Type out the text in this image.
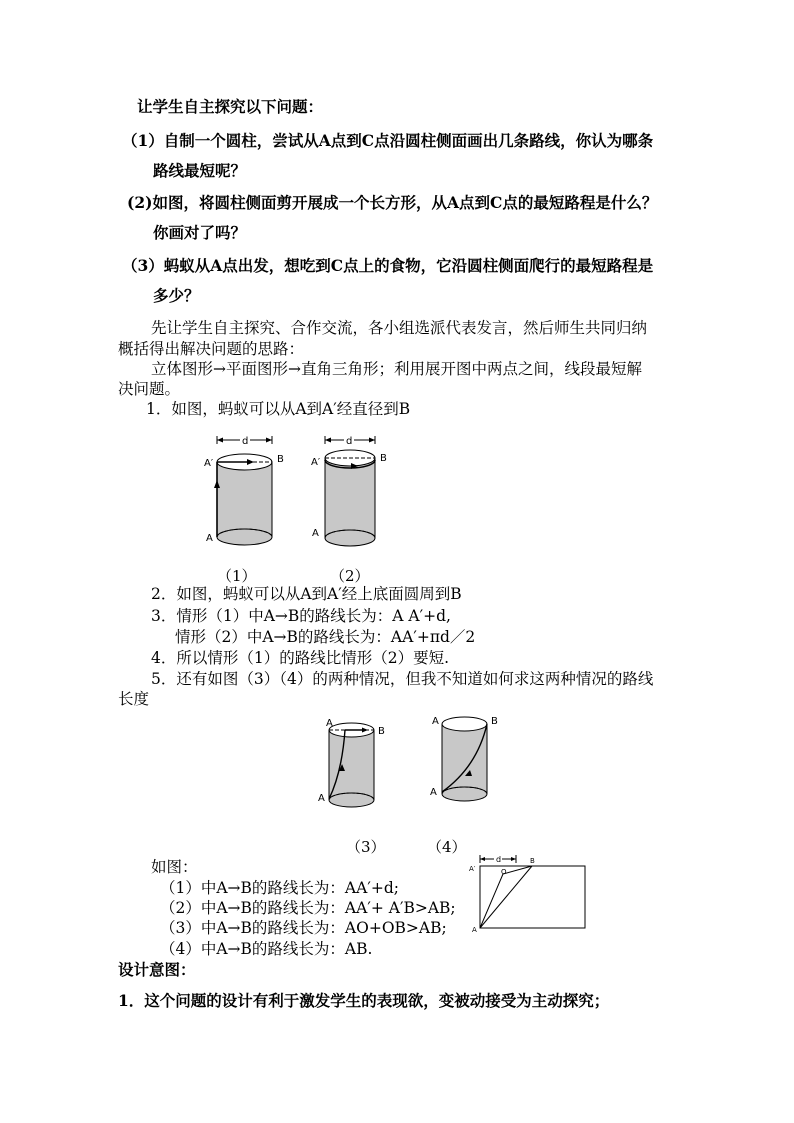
让学生自主探究以下问题：
（1）自制一个圆柱，尝试从A点到C点沿圆柱侧面画出几条路线，你认为哪条
路线最短呢？
(2)如图，将圆柱侧面剪开展成一个长方形，从A点到C点的最短路程是什么？
你画对了吗？
（3）蚂蚁从A点出发，想吃到C点上的食物，它沿圆柱侧面爬行的最短路程是
多少？
先让学生自主探究、合作交流，各小组选派代表发言，然后师生共同归纳
概括得出解决问题的思路：
立体图形→平面图形→直角三角形；利用展开图中两点之间，线段最短解
决问题。
1．如图，蚂蚁可以从A到A′经直径到B
d
A′	B
A
d
A′	B
A
（1）	（2）
2．如图，蚂蚁可以从A到A′经上底面圆周到B
3．情形（1）中A→B的路线长为：A A′+d,
情形（2）中A→B的路线长为：AA′+πd／2
4．所以情形（1）的路线比情形（2）要短.
5．还有如图（3）（4）的两种情况，但我不知道如何求这两种情况的路线
长度
A
B
A
A	B
A
（3）	（4）
如图：
（1）中A→B的路线长为：AA′+d;
（2）中A→B的路线长为：AA′+ A′B>AB;
（3）中A→B的路线长为：AO+OB>AB;
（4）中A→B的路线长为：AB.
d
O
B
A′
A
设计意图：
1．这个问题的设计有利于激发学生的表现欲，变被动接受为主动探究；
